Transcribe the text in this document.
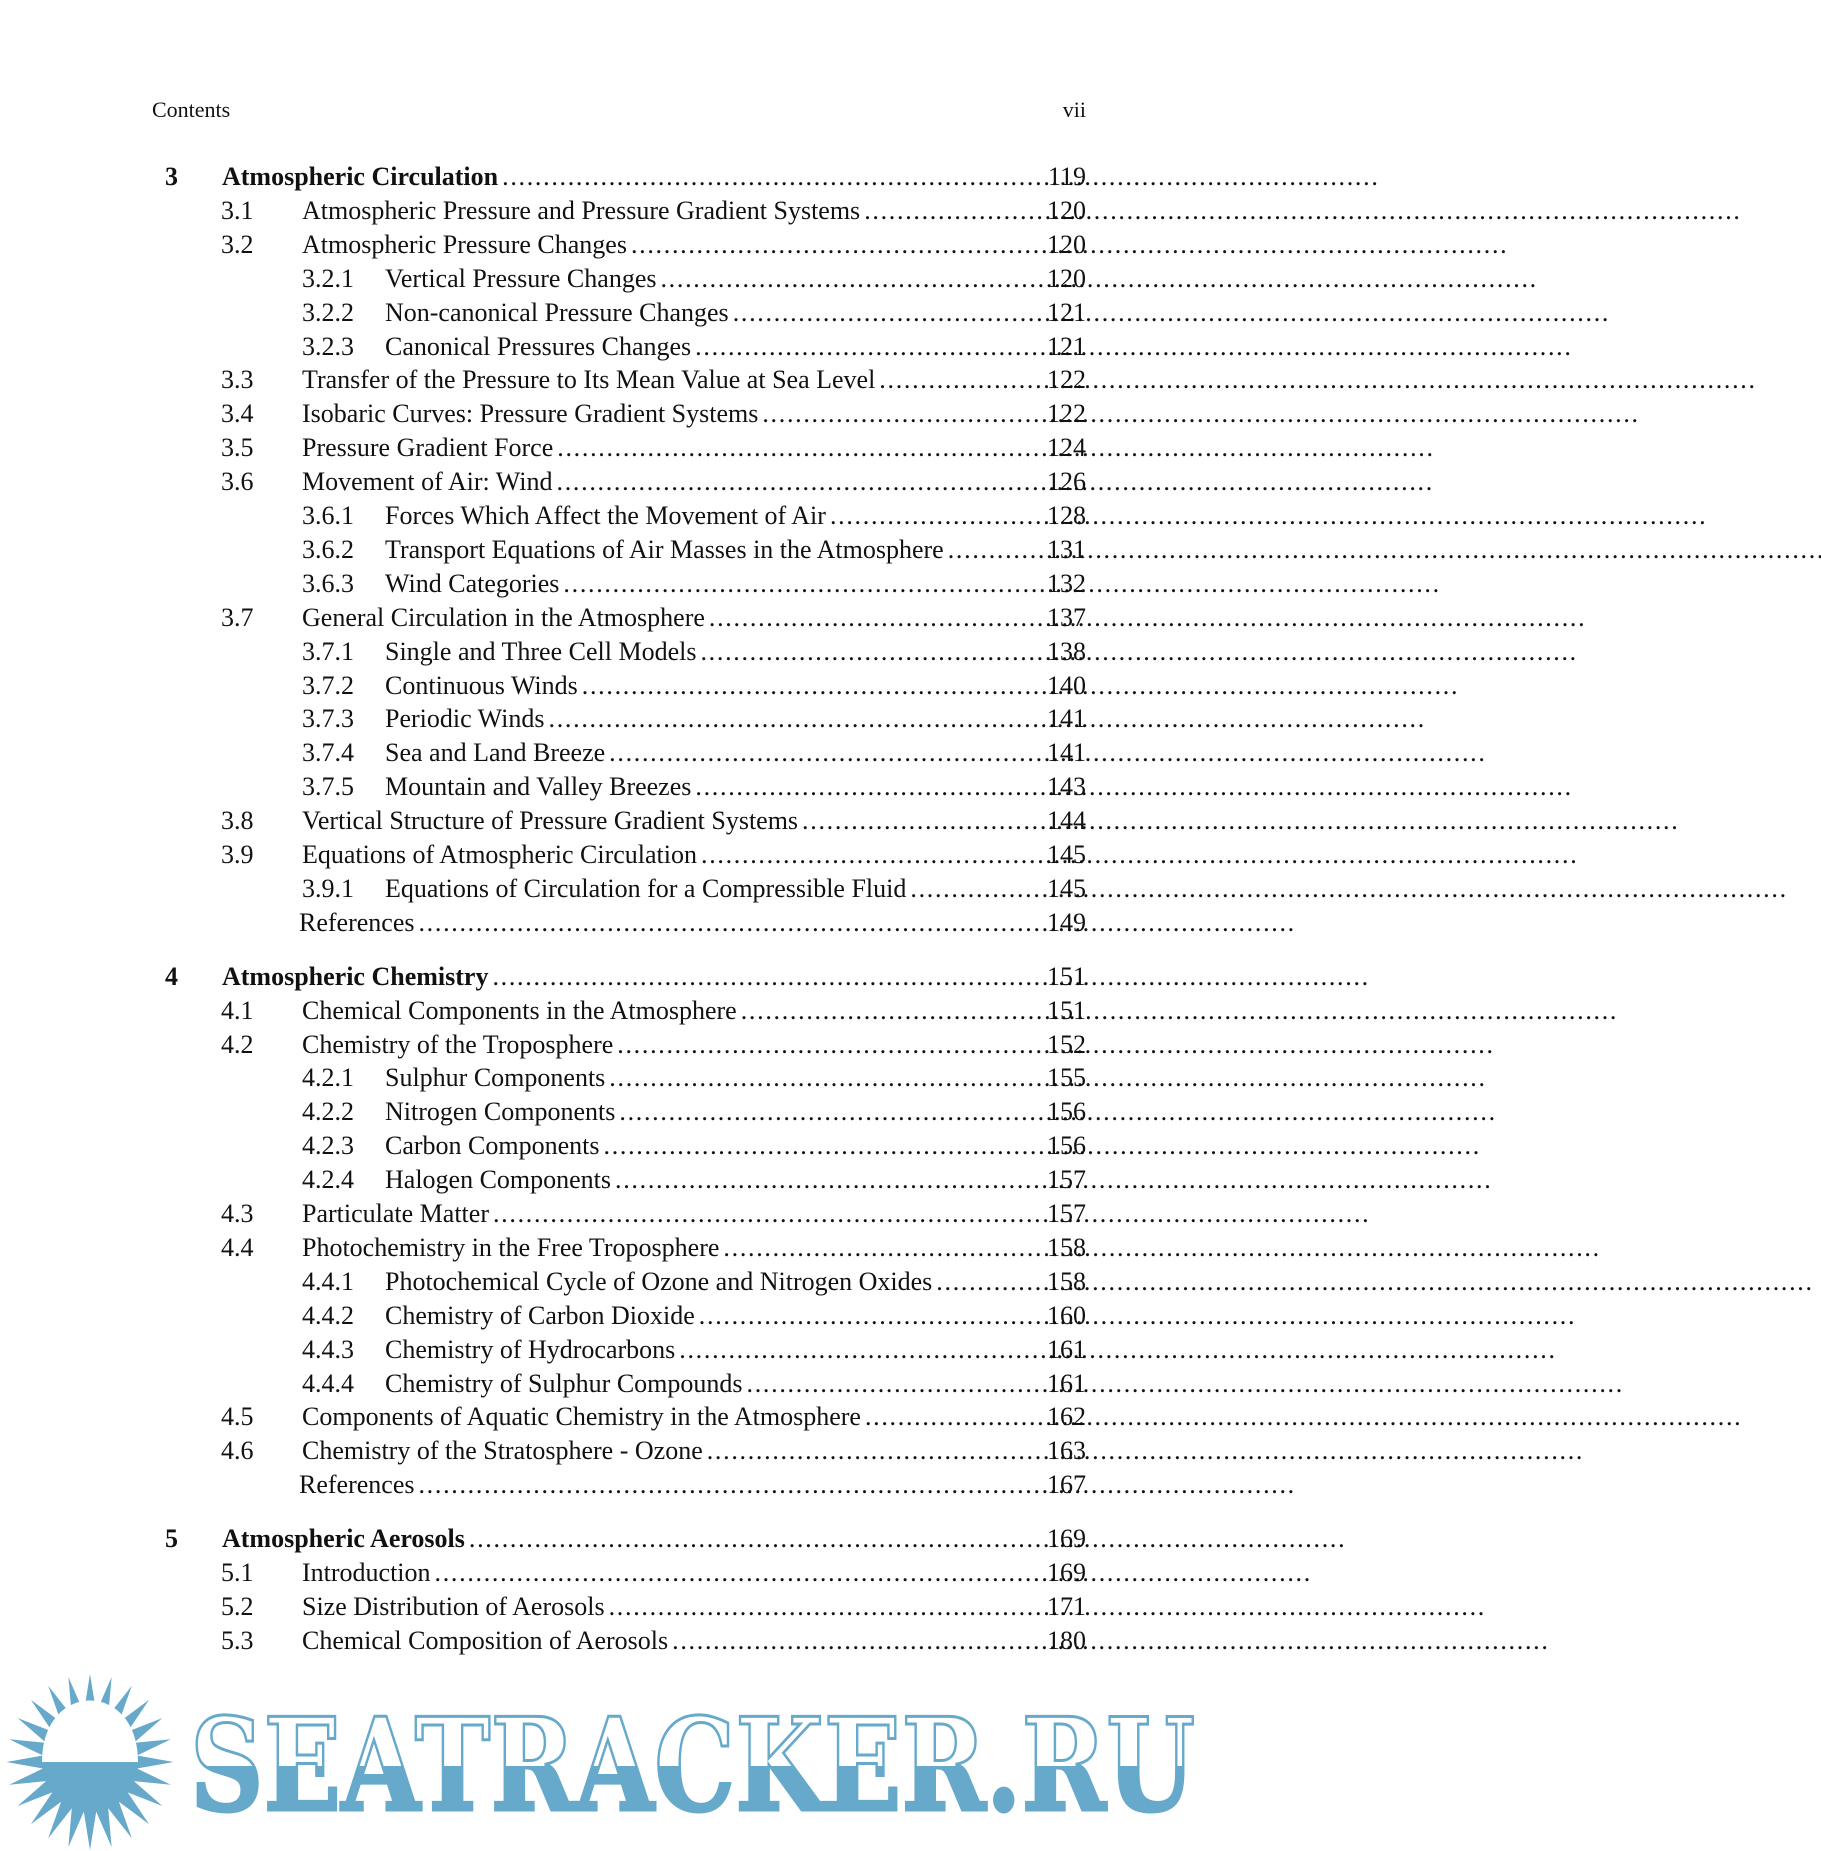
Contents	vii
3 Atmospheric Circulation . . .	119
3.1 Atmospheric Pressure and Pressure Gradient Systems . . .	120
3.2 Atmospheric Pressure Changes . . .	120
3.2.1 Vertical Pressure Changes . . .	120
3.2.2 Non-canonical Pressure Changes . . .	121
3.2.3 Canonical Pressures Changes . . .	121
3.3 Transfer of the Pressure to Its Mean Value at Sea Level . . .	122
3.4 Isobaric Curves: Pressure Gradient Systems . . .	122
3.5 Pressure Gradient Force . . .	124
3.6 Movement of Air: Wind . . .	126
3.6.1 Forces Which Affect the Movement of Air . . .	128
3.6.2 Transport Equations of Air Masses in the Atmosphere . . .	131
3.6.3 Wind Categories . . .	132
3.7 General Circulation in the Atmosphere . . .	137
3.7.1 Single and Three Cell Models . . .	138
3.7.2 Continuous Winds . . .	140
3.7.3 Periodic Winds . . .	141
3.7.4 Sea and Land Breeze . . .	141
3.7.5 Mountain and Valley Breezes . . .	143
3.8 Vertical Structure of Pressure Gradient Systems . . .	144
3.9 Equations of Atmospheric Circulation . . .	145
3.9.1 Equations of Circulation for a Compressible Fluid . . .	145
References . . .	149
4 Atmospheric Chemistry . . .	151
4.1 Chemical Components in the Atmosphere . . .	151
4.2 Chemistry of the Troposphere . . .	152
4.2.1 Sulphur Components . . .	155
4.2.2 Nitrogen Components . . .	156
4.2.3 Carbon Components . . .	156
4.2.4 Halogen Components . . .	157
4.3 Particulate Matter . . .	157
4.4 Photochemistry in the Free Troposphere . . .	158
4.4.1 Photochemical Cycle of Ozone and Nitrogen Oxides . . .	158
4.4.2 Chemistry of Carbon Dioxide . . .	160
4.4.3 Chemistry of Hydrocarbons . . .	161
4.4.4 Chemistry of Sulphur Compounds . . .	161
4.5 Components of Aquatic Chemistry in the Atmosphere . . .	162
4.6 Chemistry of the Stratosphere - Ozone . . .	163
References . . .	167
5 Atmospheric Aerosols . . .	169
5.1 Introduction . . .	169
5.2 Size Distribution of Aerosols . . .	171
5.3 Chemical Composition of Aerosols . . .	180
SEATRACKER.RU
